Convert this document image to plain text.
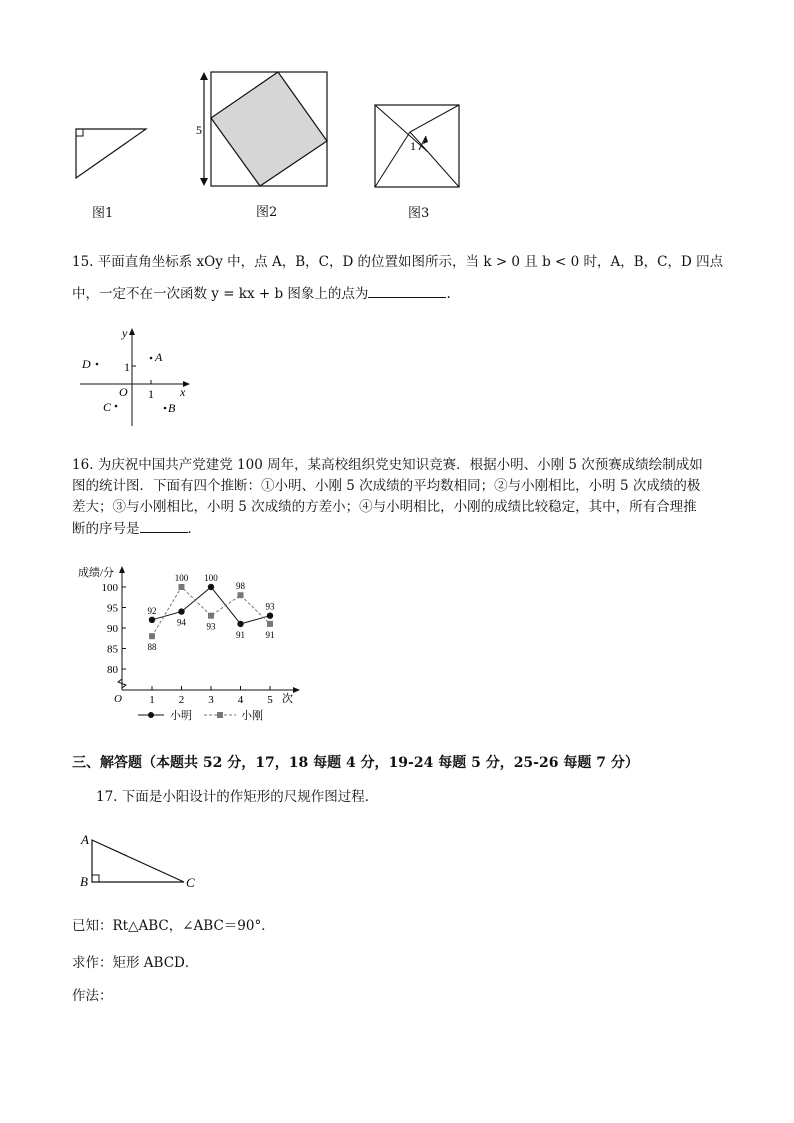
图1
5
图2
1
图3
15. 平面直角坐标系 xOy 中，点 A，B，C，D 的位置如图所示，当 k > 0 且 b < 0 时，A，B，C，D 四点
中，一定不在一次函数 y = kx + b 图象上的点为	.
y
x
O
1
1
A
B
C
D
16. 为庆祝中国共产党建党 100 周年，某高校组织党史知识竞赛．根据小明、小刚 5 次预赛成绩绘制成如
图的统计图．下面有四个推断：①小明、小刚 5 次成绩的平均数相同；②与小刚相比，小明 5 次成绩的极
差大；③与小刚相比，小明 5 次成绩的方差小；④与小明相比，小刚的成绩比较稳定，其中，所有合理推
断的序号是	．
成绩/分
O	次
80
85
90
95
100
1 2 3 4 5
92
94
100
91
93
88
100
93
98
91
小明	小刚
三、解答题（本题共 52 分，17，18 每题 4 分，19-24 每题 5 分，25-26 每题 7 分）
17. 下面是小阳设计的作矩形的尺规作图过程．
A
B	C
已知：Rt△ABC，∠ABC＝90°．
求作：矩形 ABCD．
作法：
